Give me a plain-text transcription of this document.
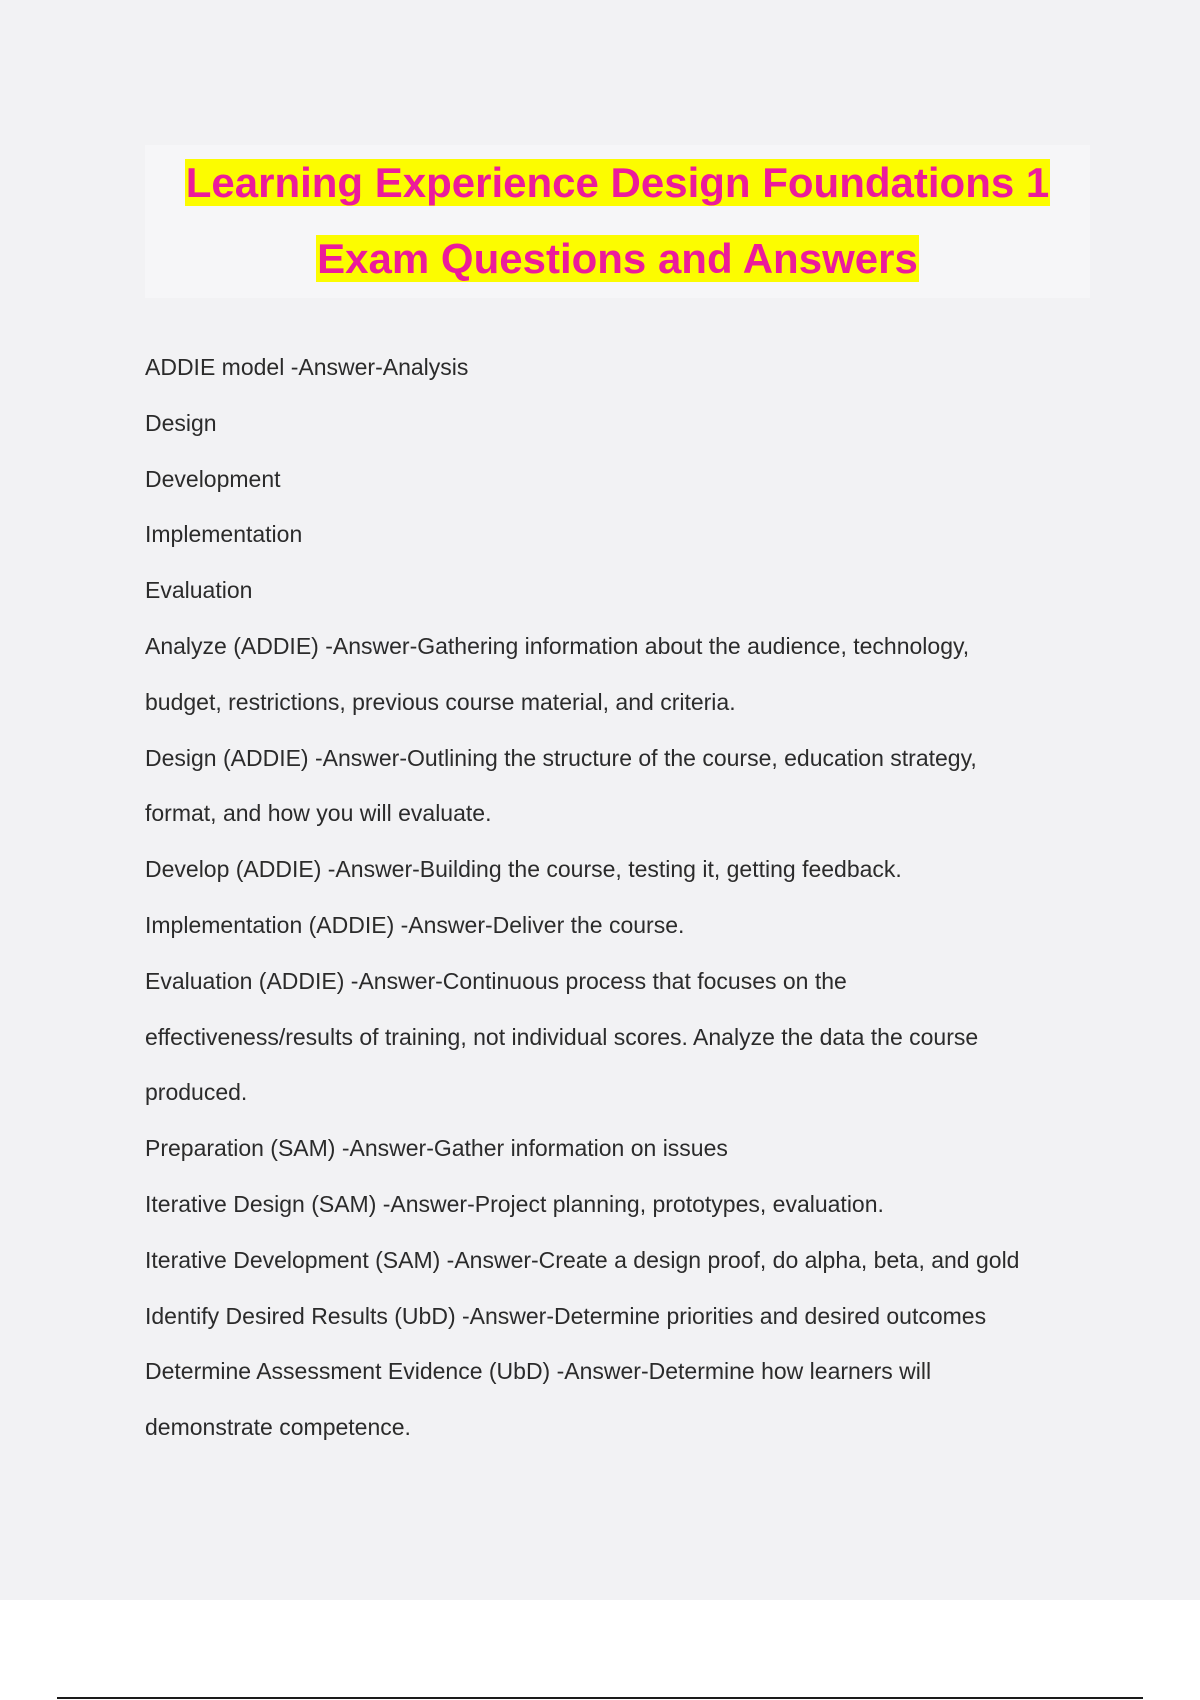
Learning Experience Design Foundations 1
Exam Questions and Answers
ADDIE model -Answer-Analysis
Design
Development
Implementation
Evaluation
Analyze (ADDIE) -Answer-Gathering information about the audience, technology,
budget, restrictions, previous course material, and criteria.
Design (ADDIE) -Answer-Outlining the structure of the course, education strategy,
format, and how you will evaluate.
Develop (ADDIE) -Answer-Building the course, testing it, getting feedback.
Implementation (ADDIE) -Answer-Deliver the course.
Evaluation (ADDIE) -Answer-Continuous process that focuses on the
effectiveness/results of training, not individual scores. Analyze the data the course
produced.
Preparation (SAM) -Answer-Gather information on issues
Iterative Design (SAM) -Answer-Project planning, prototypes, evaluation.
Iterative Development (SAM) -Answer-Create a design proof, do alpha, beta, and gold
Identify Desired Results (UbD) -Answer-Determine priorities and desired outcomes
Determine Assessment Evidence (UbD) -Answer-Determine how learners will
demonstrate competence.
